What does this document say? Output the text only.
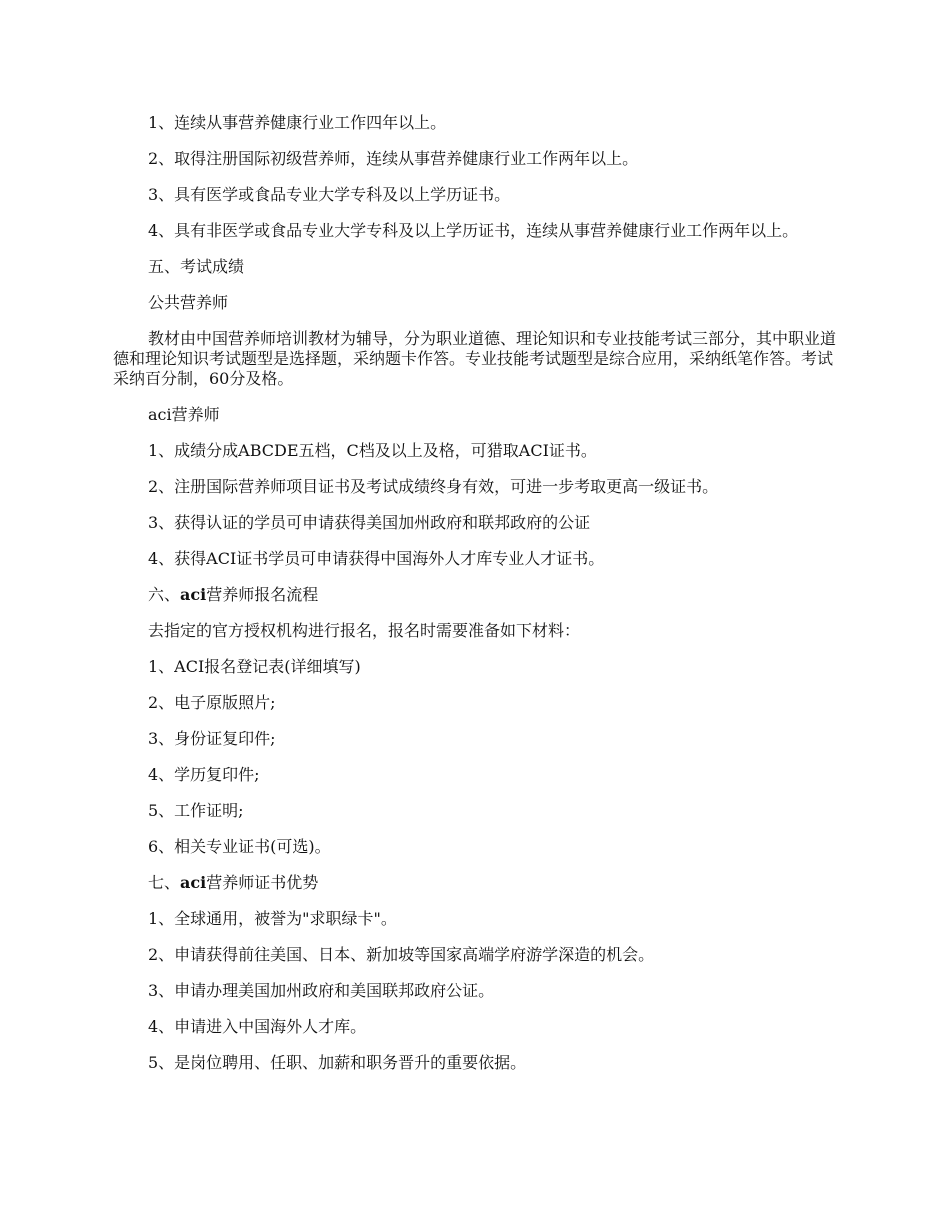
1、连续从事营养健康行业工作四年以上。

2、取得注册国际初级营养师，连续从事营养健康行业工作两年以上。

3、具有医学或食品专业大学专科及以上学历证书。

4、具有非医学或食品专业大学专科及以上学历证书，连续从事营养健康行业工作两年以上。

五、考试成绩

公共营养师

教材由中国营养师培训教材为辅导，分为职业道德、理论知识和专业技能考试三部分，其中职业道德和理论知识考试题型是选择题，采纳题卡作答。专业技能考试题型是综合应用，采纳纸笔作答。考试采纳百分制，60分及格。

aci营养师

1、成绩分成ABCDE五档，C档及以上及格，可猎取ACI证书。

2、注册国际营养师项目证书及考试成绩终身有效，可进一步考取更高一级证书。

3、获得认证的学员可申请获得美国加州政府和联邦政府的公证

4、获得ACI证书学员可申请获得中国海外人才库专业人才证书。

六、aci营养师报名流程

去指定的官方授权机构进行报名，报名时需要准备如下材料：

1、ACI报名登记表(详细填写)

2、电子原版照片;

3、身份证复印件;

4、学历复印件;

5、工作证明;

6、相关专业证书(可选)。

七、aci营养师证书优势

1、全球通用，被誉为"求职绿卡"。

2、申请获得前往美国、日本、新加坡等国家高端学府游学深造的机会。

3、申请办理美国加州政府和美国联邦政府公证。

4、申请进入中国海外人才库。

5、是岗位聘用、任职、加薪和职务晋升的重要依据。
